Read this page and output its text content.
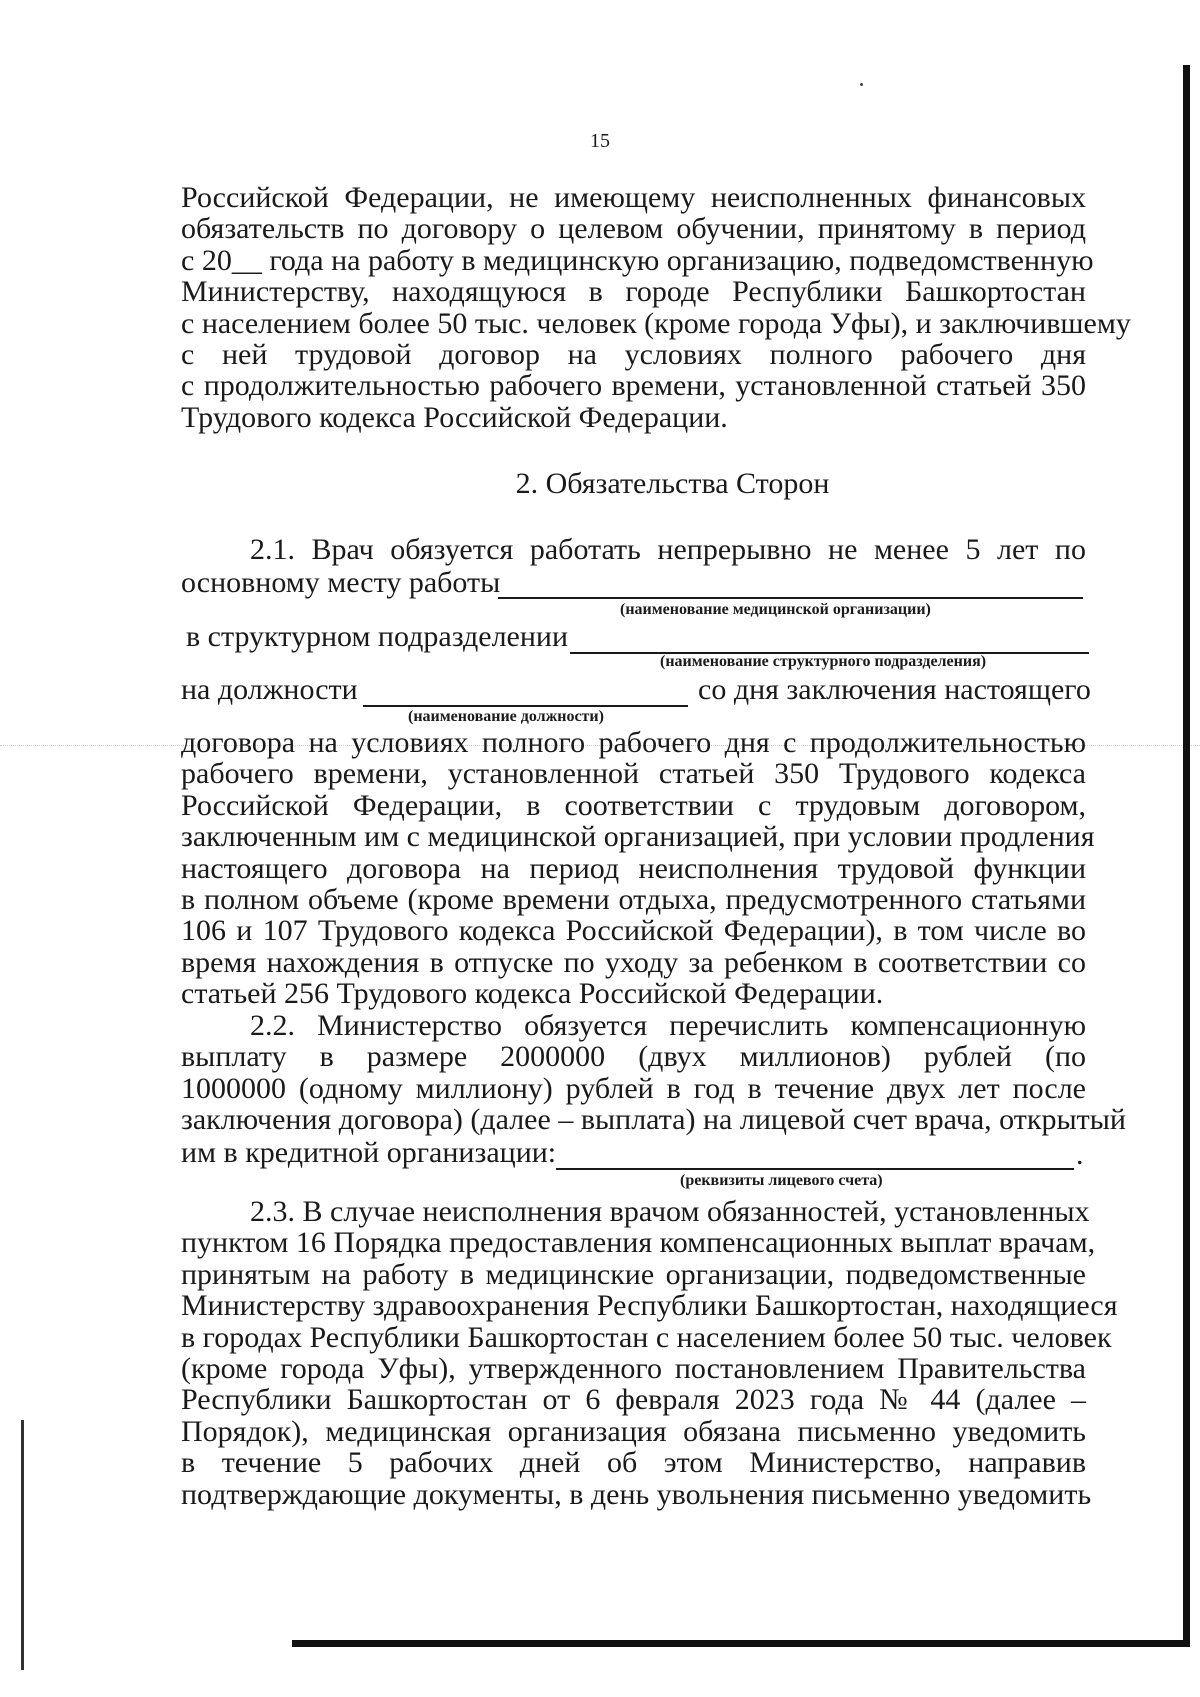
15
Российской Федерации, не имеющему неисполненных финансовых
обязательств по договору о целевом обучении, принятому в период
с 20__ года на работу в медицинскую организацию, подведомственную
Министерству, находящуюся в городе Республики Башкортостан
с населением более 50 тыс. человек (кроме города Уфы), и заключившему
с ней трудовой договор на условиях полного рабочего дня
с продолжительностью рабочего времени, установленной статьей 350
Трудового кодекса Российской Федерации.
2. Обязательства Сторон
2.1. Врач обязуется работать непрерывно не менее 5 лет по
основному месту работы
(наименование медицинской организации)
в структурном подразделении
(наименование структурного подразделения)
на должности	со дня заключения настоящего
(наименование должности)
договора на условиях полного рабочего дня с продолжительностью
рабочего времени, установленной статьей 350 Трудового кодекса
Российской Федерации, в соответствии с трудовым договором,
заключенным им с медицинской организацией, при условии продления
настоящего договора на период неисполнения трудовой функции
в полном объеме (кроме времени отдыха, предусмотренного статьями
106 и 107 Трудового кодекса Российской Федерации), в том числе во
время нахождения в отпуске по уходу за ребенком в соответствии со
статьей 256 Трудового кодекса Российской Федерации.
2.2. Министерство обязуется перечислить компенсационную
выплату в размере 2000000 (двух миллионов) рублей (по
1000000 (одному миллиону) рублей в год в течение двух лет после
заключения договора) (далее – выплата) на лицевой счет врача, открытый
им в кредитной организации:	.
(реквизиты лицевого счета)
2.3. В случае неисполнения врачом обязанностей, установленных
пунктом 16 Порядка предоставления компенсационных выплат врачам,
принятым на работу в медицинские организации, подведомственные
Министерству здравоохранения Республики Башкортостан, находящиеся
в городах Республики Башкортостан с населением более 50 тыс. человек
(кроме города Уфы), утвержденного постановлением Правительства
Республики Башкортостан от 6 февраля 2023 года № 44 (далее –
Порядок), медицинская организация обязана письменно уведомить
в течение 5 рабочих дней об этом Министерство, направив
подтверждающие документы, в день увольнения письменно уведомить
